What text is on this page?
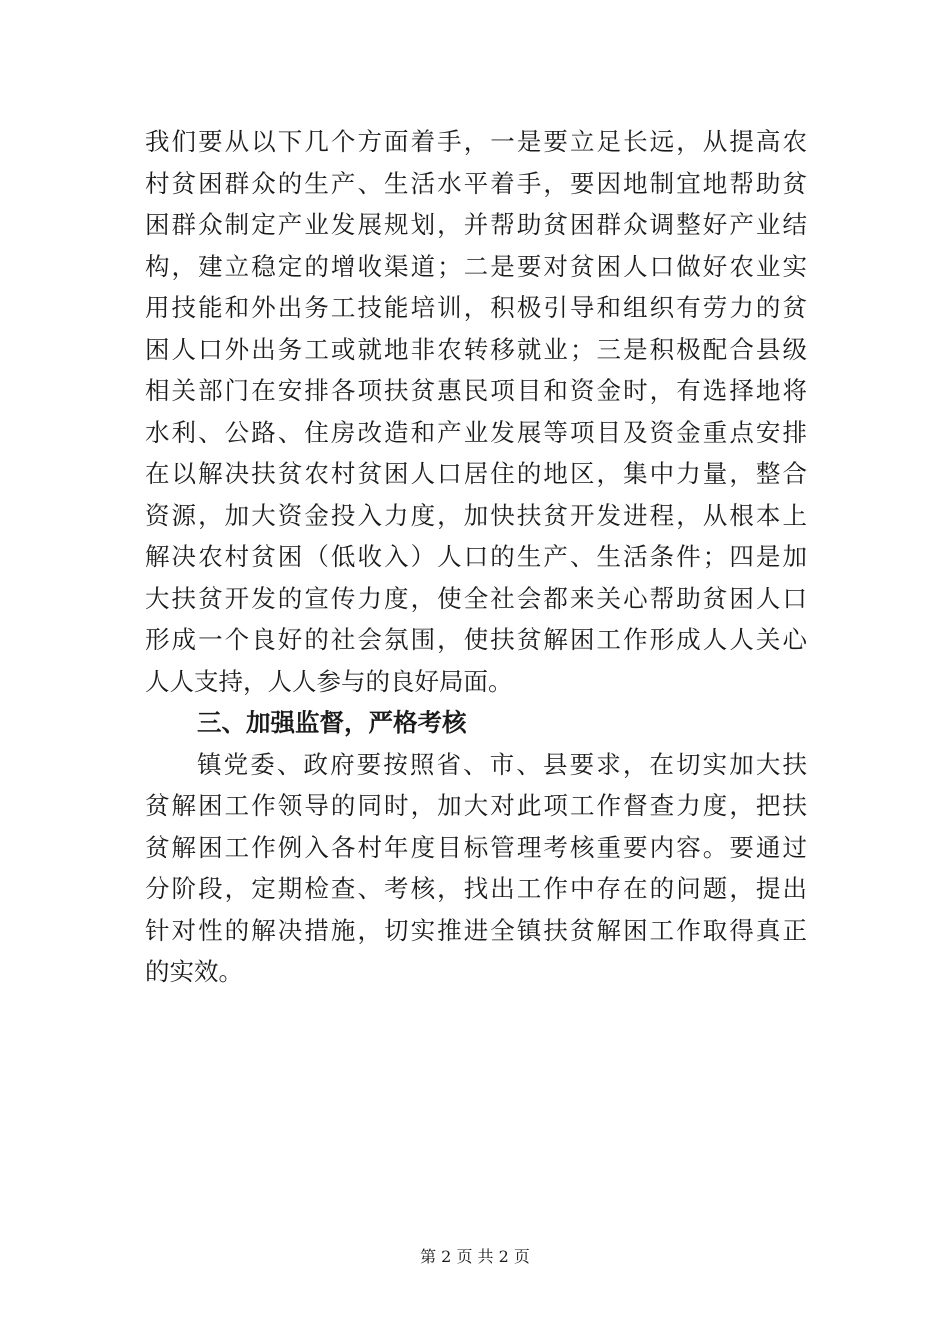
我们要从以下几个方面着手，一是要立足长远，从提高农
村贫困群众的生产、生活水平着手，要因地制宜地帮助贫
困群众制定产业发展规划，并帮助贫困群众调整好产业结
构，建立稳定的增收渠道；二是要对贫困人口做好农业实
用技能和外出务工技能培训，积极引导和组织有劳力的贫
困人口外出务工或就地非农转移就业；三是积极配合县级
相关部门在安排各项扶贫惠民项目和资金时，有选择地将
水利、公路、住房改造和产业发展等项目及资金重点安排
在以解决扶贫农村贫困人口居住的地区，集中力量，整合
资源，加大资金投入力度，加快扶贫开发进程，从根本上
解决农村贫困（低收入）人口的生产、生活条件；四是加
大扶贫开发的宣传力度，使全社会都来关心帮助贫困人口
形成一个良好的社会氛围，使扶贫解困工作形成人人关心
人人支持，人人参与的良好局面。
三、加强监督，严格考核
镇党委、政府要按照省、市、县要求，在切实加大扶
贫解困工作领导的同时，加大对此项工作督查力度，把扶
贫解困工作例入各村年度目标管理考核重要内容。要通过
分阶段，定期检查、考核，找出工作中存在的问题，提出
针对性的解决措施，切实推进全镇扶贫解困工作取得真正
的实效。
第 2 页 共 2 页
